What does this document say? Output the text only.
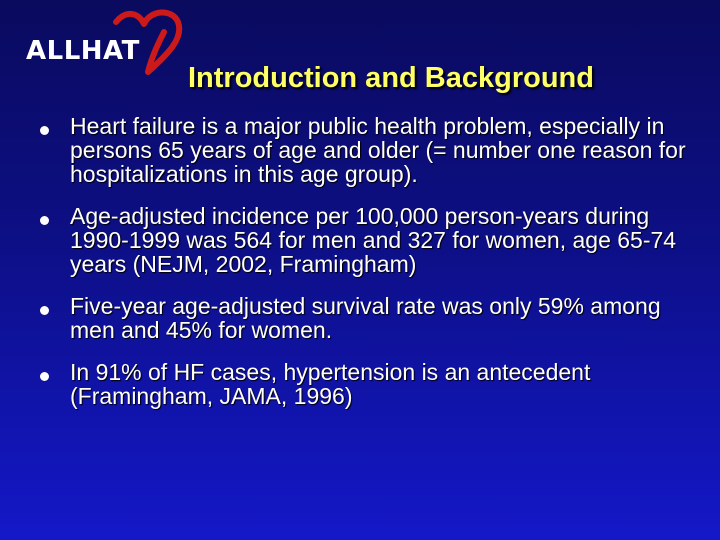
ALLHAT
Introduction and Background
Heart failure is a major public health problem, especially in persons 65 years of age and older (= number one reason for hospitalizations in this age group).
Age-adjusted incidence per 100,000 person-years during 1990-1999 was 564 for men and 327 for women, age 65-74 years (NEJM, 2002, Framingham)
Five-year age-adjusted survival rate was only 59% among men and 45% for women.
In 91% of HF cases, hypertension is an antecedent (Framingham, JAMA, 1996)
